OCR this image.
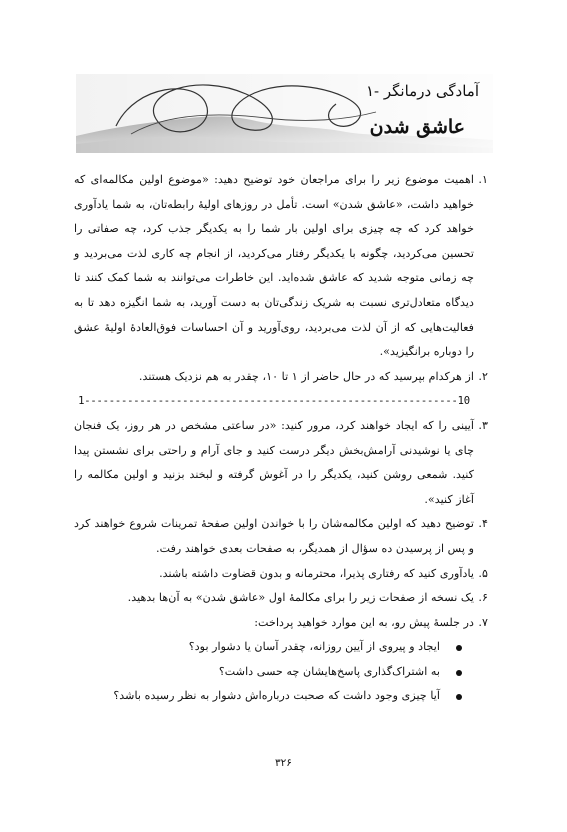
آمادگی درمانگر -۱
عاشق شدن

۱.
اهمیت موضوع زیر را برای مراجعان خود توضیح دهید: «موضوع اولین مکالمه‌ای که خواهید داشت، «عاشق شدن» است. تأمل در روزهای اولیهٔ رابطه‌تان، به شما یادآوری خواهد کرد که چه چیزی برای اولین بار شما را به یکدیگر جذب کرد، چه صفاتی را تحسین می‌کردید، چگونه با یکدیگر رفتار می‌کردید، از انجام چه کاری لذت می‌بردید و چه زمانی متوجه شدید که عاشق شده‌اید. این خاطرات می‌توانند به شما کمک کنند تا دیدگاه متعادل‌تری نسبت به شریک زندگی‌تان به دست آورید، به شما انگیزه دهد تا به فعالیت‌هایی که از آن لذت می‌بردید، روی‌آورید و آن احساسات فوق‌العادهٔ اولیهٔ عشق را دوباره برانگیزید».

۲.
از هرکدام بپرسید که در حال حاضر از ۱ تا ۱۰، چقدر به هم نزدیک هستند.

1-------------------------------------------------------------10

۳.
آیینی را که ایجاد خواهند کرد، مرور کنید: «در ساعتی مشخص در هر روز، یک فنجان چای یا نوشیدنی آرامش‌بخش دیگر درست کنید و جای آرام و راحتی برای نشستن پیدا کنید. شمعی روشن کنید، یکدیگر را در آغوش گرفته و لبخند بزنید و اولین مکالمه را آغاز کنید».

۴.
توضیح دهید که اولین مکالمه‌شان را با خواندن اولین صفحهٔ تمرینات شروع خواهند کرد و پس از پرسیدن ده سؤال از همدیگر، به صفحات بعدی خواهند رفت.

۵.
یادآوری کنید که رفتاری پذیرا، محترمانه و بدون قضاوت داشته باشند.

۶.
یک نسخه از صفحات زیر را برای مکالمهٔ اول «عاشق شدن» به آن‌ها بدهید.

۷.
در جلسهٔ پیش رو، به این موارد خواهید پرداخت:

ایجاد و پیروی از آیین روزانه، چقدر آسان یا دشوار بود؟
به اشتراک‌گذاری پاسخ‌هایشان چه حسی داشت؟
آیا چیزی وجود داشت که صحبت درباره‌اش دشوار به نظر رسیده باشد؟
۳۲۶
